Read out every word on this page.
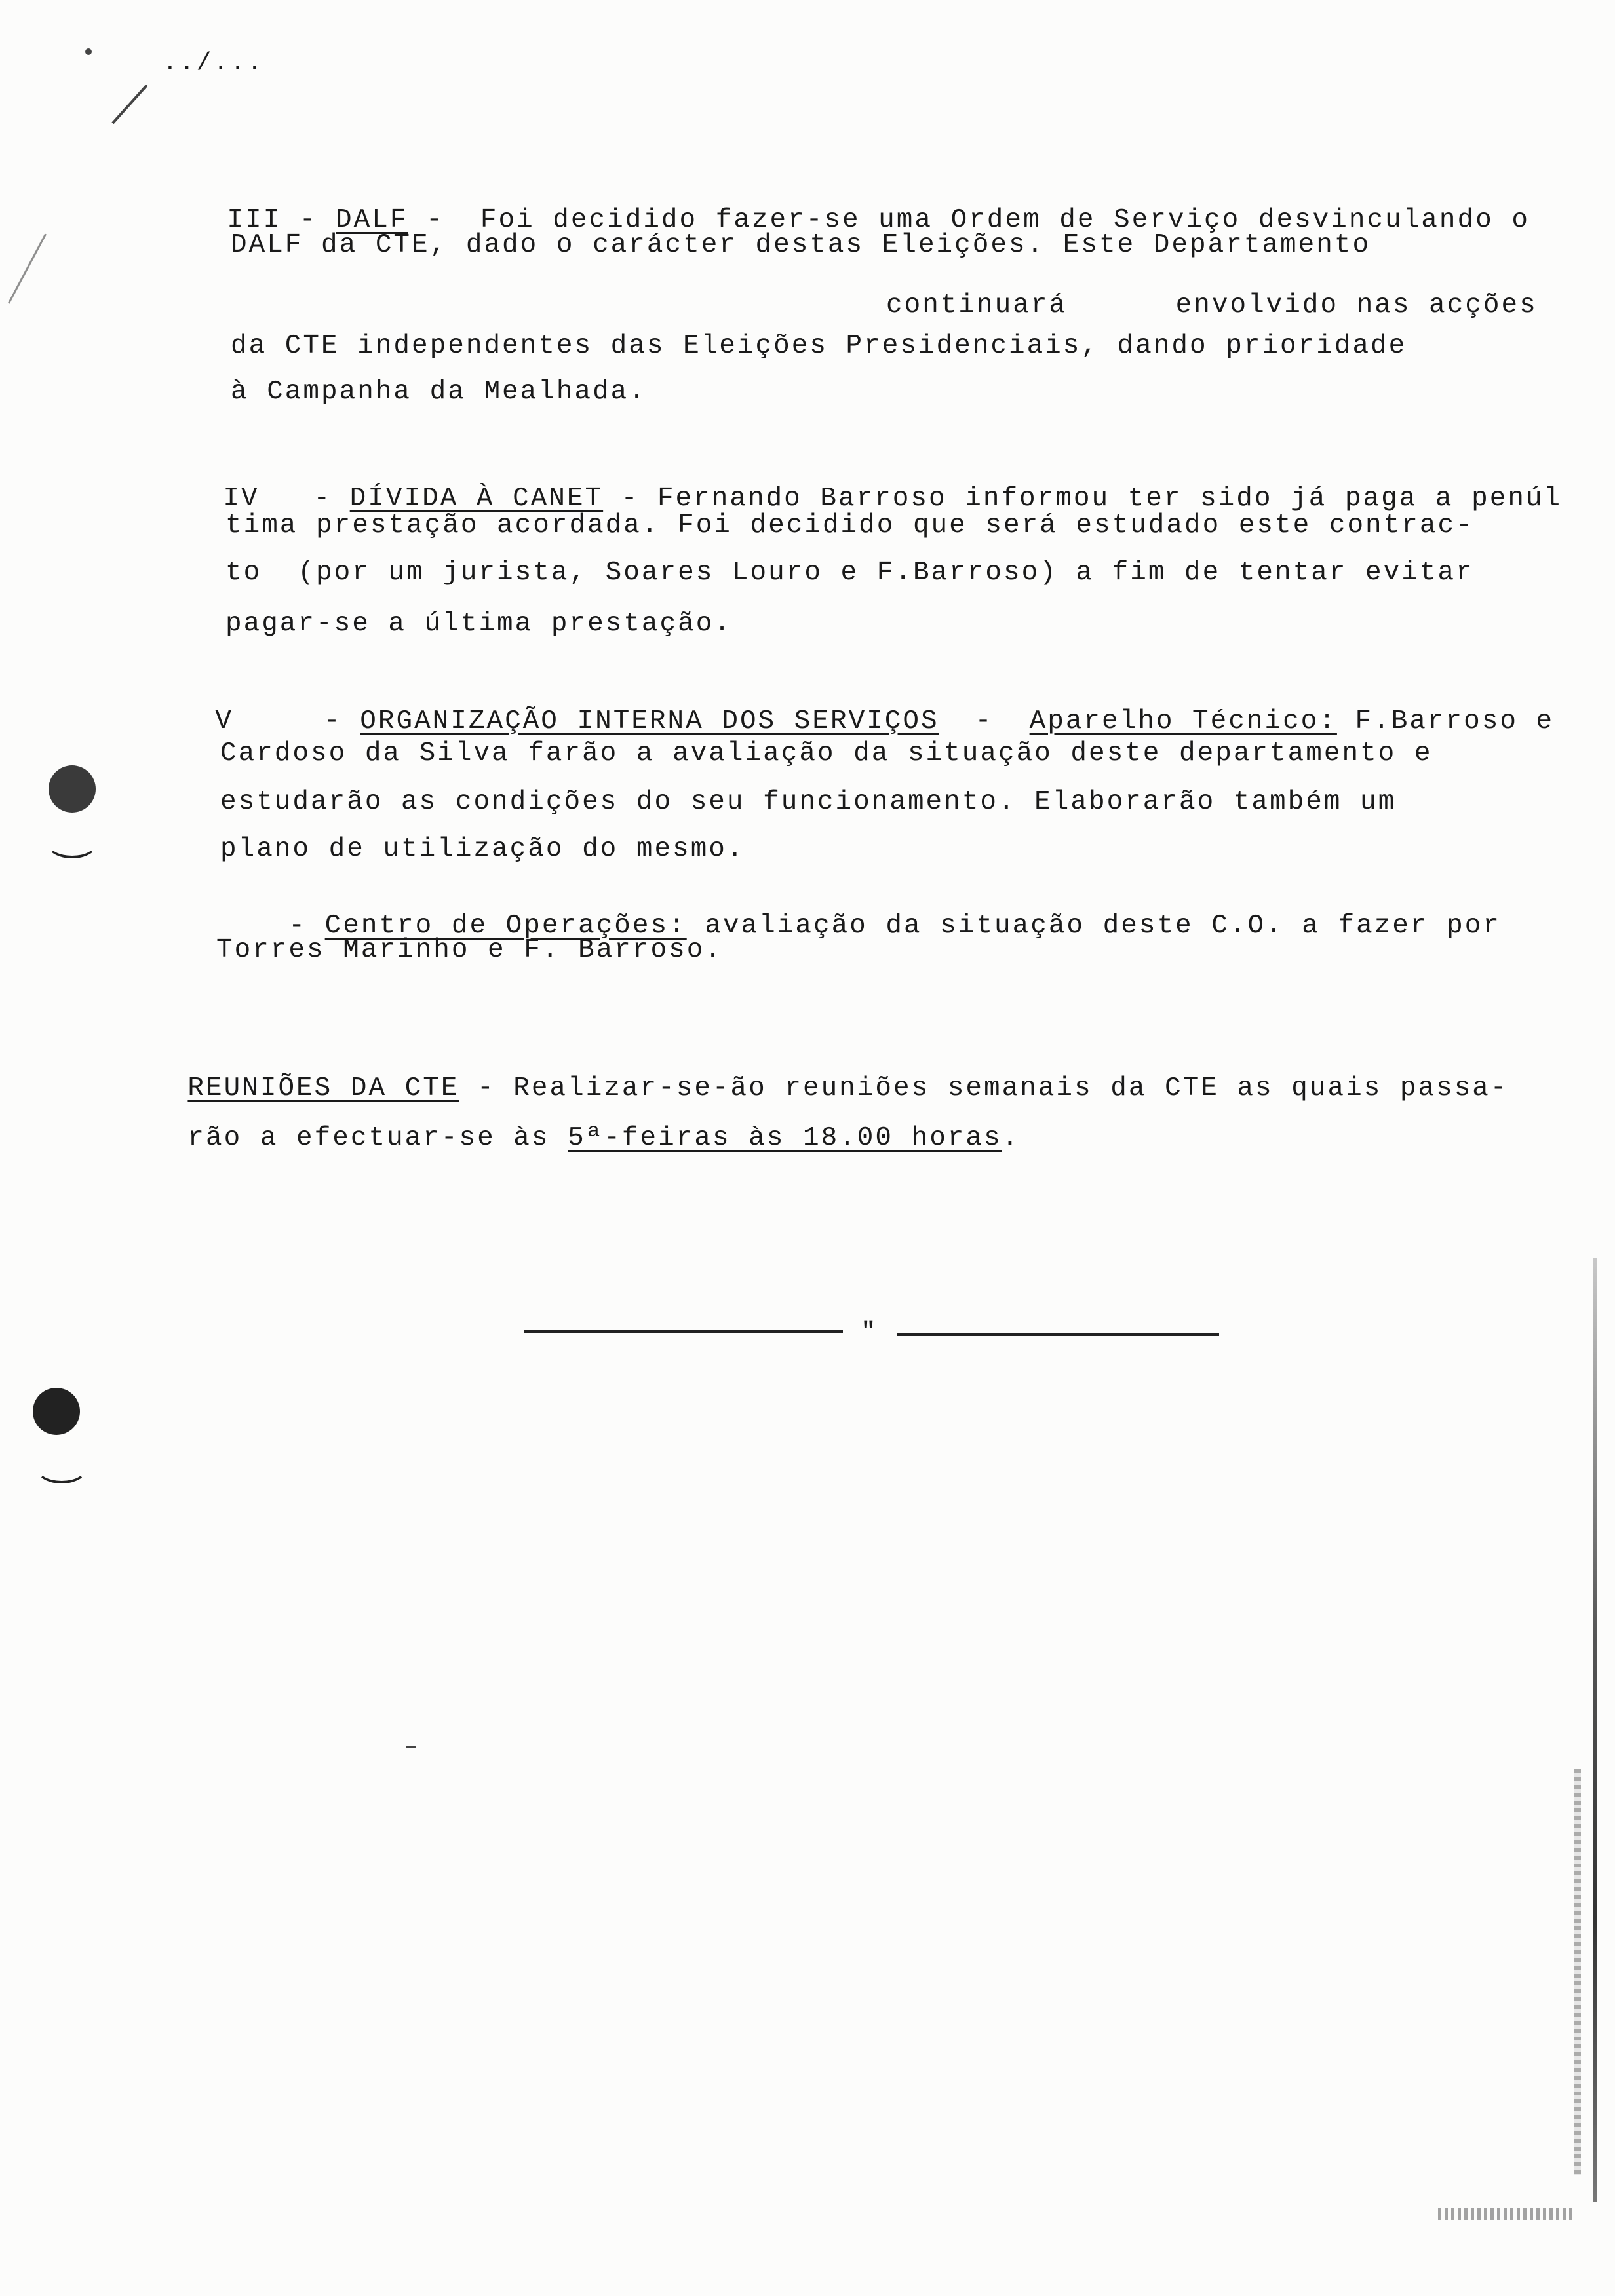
../...

III - DALF -  Foi decidido fazer-se uma Ordem de Serviço desvinculando o

DALF da CTE, dado o carácter destas Eleições. Este Departamento
continuará      envolvido nas acções
da CTE independentes das Eleições Presidenciais, dando prioridade
à Campanha da Mealhada.

IV   - DÍVIDA À CANET - Fernando Barroso informou ter sido já paga a penúl

tima prestação acordada. Foi decidido que será estudado este contrac-
to  (por um jurista, Soares Louro e F.Barroso) a fim de tentar evitar
pagar-se a última prestação.

V     - ORGANIZAÇÃO INTERNA DOS SERVIÇOS  -  Aparelho Técnico: F.Barroso e

Cardoso da Silva farão a avaliação da situação deste departamento e
estudarão as condições do seu funcionamento. Elaborarão também um
plano de utilização do mesmo.

- Centro de Operações: avaliação da situação deste C.O. a fazer por

Torres Marinho e F. Barroso.

REUNIÕES DA CTE - Realizar-se-ão reuniões semanais da CTE as quais passa-

rão a efectuar-se às 5ª-feiras às 18.00 horas.

"
